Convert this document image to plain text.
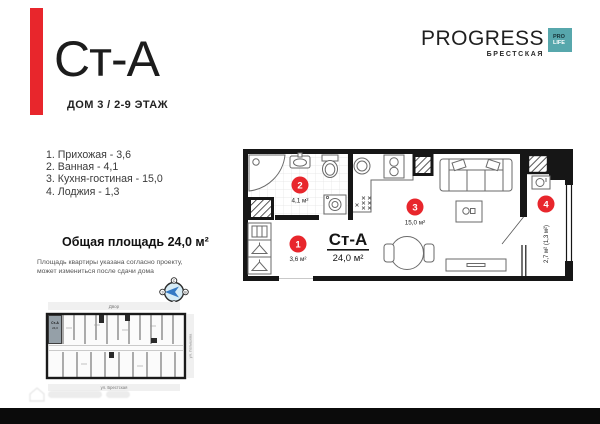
Ст-А
ДОМ 3 / 2-9 ЭТАЖ
PROGRESS
БРЕСТСКАЯ
PRO
LIFE
1. Прихожая - 3,6
2. Ванная - 4,1
3. Кухня-гостиная - 15,0
4. Лоджия - 1,3
Общая площадь 24,0 м²
Площадь квартиры указана согласно проекту,
может измениться после сдачи дома
С
В
З
Двор
ул. Латышева
ул. Брестская
Ст-А
24,0
Ст-А
24,0 м²
1
3,6 м²
2
4,1 м²
3
15,0 м²
4
2,7 м² (1,3 м²)
